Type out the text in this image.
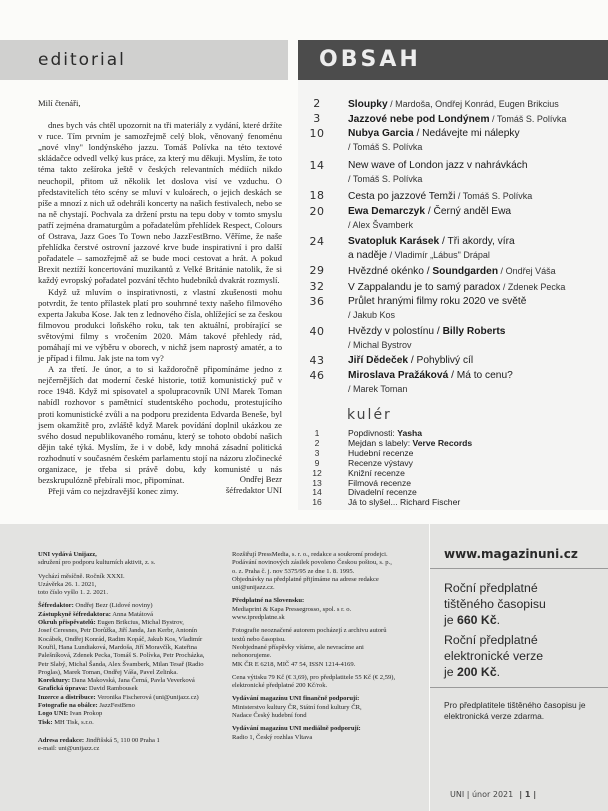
editorial	OBSAH

Milí čtenáři,

dnes bych vás chtěl upozornit na tři materiály z vydání, které držíte v ruce. Tím prvním je samozřejmě celý blok, věnovaný fenoménu „nové vlny" londýnského jazzu. Tomáš Polívka na této textové skládačce odvedl velký kus práce, za který mu děkuji. Myslím, že toto téma takto zešíroka ještě v českých relevantních médiích nikdo neuchopil, přitom už několik let doslova visí ve vzduchu. O představitelích této scény se mluví v kuloárech, o jejich deskách se píše a mnozí z nich už odehráli koncerty na našich festivalech, nebo se na ně chystají. Pochvala za držení prstu na tepu doby v tomto smyslu patří zejména dramaturgům a pořadatelům přehlídek Respect, Colours of Ostrava, Jazz Goes To Town nebo JazzFestBrno. Věříme, že naše přehlídka čerstvé ostrovní jazzové krve bude inspirativní i pro další pořadatele – samozřejmě až se bude moci cestovat a hrát. A pokud Brexit neztíží koncertování muzikantů z Velké Británie natolik, že si každý evropský pořadatel pozvání těchto hudebníků dvakrát rozmyslí.

Když už mluvím o inspirativnosti, z vlastní zkušenosti mohu potvrdit, že tento přílastek platí pro souhrnné texty našeho filmového experta Jakuba Kose. Jak ten z lednového čísla, ohlížející se za českou filmovou produkci loňského roku, tak ten aktuální, probírající se světovými filmy s vročením 2020. Mám takové přehledy rád, pomáhají mi ve výběru v oborech, v nichž jsem naprostý amatér, a to je případ i filmu. Jak jste na tom vy?

A za třetí. Je únor, a to si každoročně připomínáme jedno z nejčernějších dat moderní české historie, totiž komunistický puč v roce 1948. Když mi spisovatel a spolupracovník UNI Marek Toman nabídl rozhovor s pamětnicí studentského pochodu, protestujícího proti komunistické zvůli a na podporu prezidenta Edvarda Beneše, byl jsem okamžitě pro, zvláště když Marek povídání doplnil ukázkou ze svého dosud nepublikovaného románu, který se tohoto období našich dějin také týká. Myslím, že i v době, kdy mnohá zásadní politická rozhodnutí v současném českém parlamentu stojí na názoru zločinecké organizace, je třeba si právě dobu, kdy komunisté u nás bezskrupulózně přebírali moc, připomínat.

Přeji vám co nejzdravější konec zimy.

Ondřej Bezr
šéfredaktor UNI
2	Sloupky / Mardoša, Ondřej Konrád, Eugen Brikcius
3	Jazzové nebe pod Londýnem / Tomáš S. Polívka
10	Nubya Garcia / Nedávejte mi nálepky
/ Tomáš S. Polívka
14	New wave of London jazz v nahrávkách
/ Tomáš S. Polívka
18	Cesta po jazzové Temži / Tomáš S. Polívka
20	Ewa Demarczyk / Černý anděl Ewa
/ Alex Švamberk
24	Svatopluk Karásek / Tři akordy, víra
a naděje / Vladimír „Lábus" Drápal
29	Hvězdné okénko / Soundgarden / Ondřej Váša
32	V Zappalandu je to samý paradox / Zdenek Pecka
36	Průlet hranými filmy roku 2020 ve světě
/ Jakub Kos
40	Hvězdy v polostínu / Billy Roberts
/ Michal Bystrov
43	Jiří Dědeček / Pohyblivý cíl
46	Miroslava Pražáková / Má to cenu?
/ Marek Toman
kulér
1	Popdivnosti: Yasha
2	Mejdan s labely: Verve Records
3	Hudební recenze
9	Recenze výstavy
12	Knižní recenze
13	Filmová recenze
14	Divadelní recenze
16	Já to slyšel... Richard Fischer
UNI vydává Unijazz,
sdružení pro podporu kulturních aktivit, z. s.
Vychází měsíčně. Ročník XXXI.
Uzávěrka 26. 1. 2021,
toto číslo vyšlo 1. 2. 2021.
Šéfredaktor: Ondřej Bezr (Lidové noviny)
Zástupkyně šéfredaktora: Anna Matátová
Okruh přispěvatelů: Eugen Brikcius, Michal Bystrov,
Josef Ceresnes, Petr Dorůžka, Jiří Janda, Jan Kerbr, Antonín
Kocábek, Ondřej Konrád, Radim Kopáč, Jakub Kos, Vladimír
Kouřil, Hana Lundiaková, Mardoša, Jiří Moravčík, Kateřina
Palešníková, Zdenek Pecka, Tomáš S. Polívka, Petr Procházka,
Petr Slabý, Michal Šanda, Alex Švamberk, Milan Tesař (Radio
Proglas), Marek Toman, Ondřej Váša, Pavel Zelinka.
Korektury: Dana Makovská, Jana Černá, Pavla Veverková
Grafická úprava: David Rambousek
Inzerce a distribuce: Veronika Fischerová (uni@unijazz.cz)
Fotografie na obálce: JazzFestBrno
Logo UNI: Ivan Prokop
Tisk: MH Tisk, s.r.o.
Adresa redakce: Jindřišská 5, 110 00 Praha 1
e-mail: uni@unijazz.cz
Rozšiřují PressMedia, s. r. o., redakce a soukromí prodejci.
Podávání novinových zásilek povoleno Českou poštou, s. p.,
o. z. Praha č. j. nov 5375/95 ze dne 1. 8. 1995.
Objednávky na předplatné přijímáme na adrese redakce
uni@unijazz.cz.
Předplatné na Slovensku:
Mediaprint & Kapa Pressegrosso, spol. s r. o.
www.ipredplatne.sk
Fotografie neoznačené autorem pocházejí z archivu autorů
textů nebo časopisu.
Neobjednané příspěvky vítáme, ale nevracíme ani
nehonorujeme.
MK ČR E 6218, MIČ 47 54, ISSN 1214-4169.
Cena výtisku 79 Kč (€ 3,69), pro předplatitele 55 Kč (€ 2,59),
elektronické předplatné 200 Kč/rok.
Vydávání magazínu UNI finančně podporují:
Ministerstvo kultury ČR, Státní fond kultury ČR,
Nadace Český hudební fond
Vydávání magazínu UNI mediálně podporují:
Radio 1, Český rozhlas Vltava
www.magazinuni.cz
Roční předplatné
tištěného časopisu
je 660 Kč.
Roční předplatné
elektronické verze
je 200 Kč.
Pro předplatitele tištěného časopisu je elektronická verze zdarma.
UNI | únor 2021 | 1 |
